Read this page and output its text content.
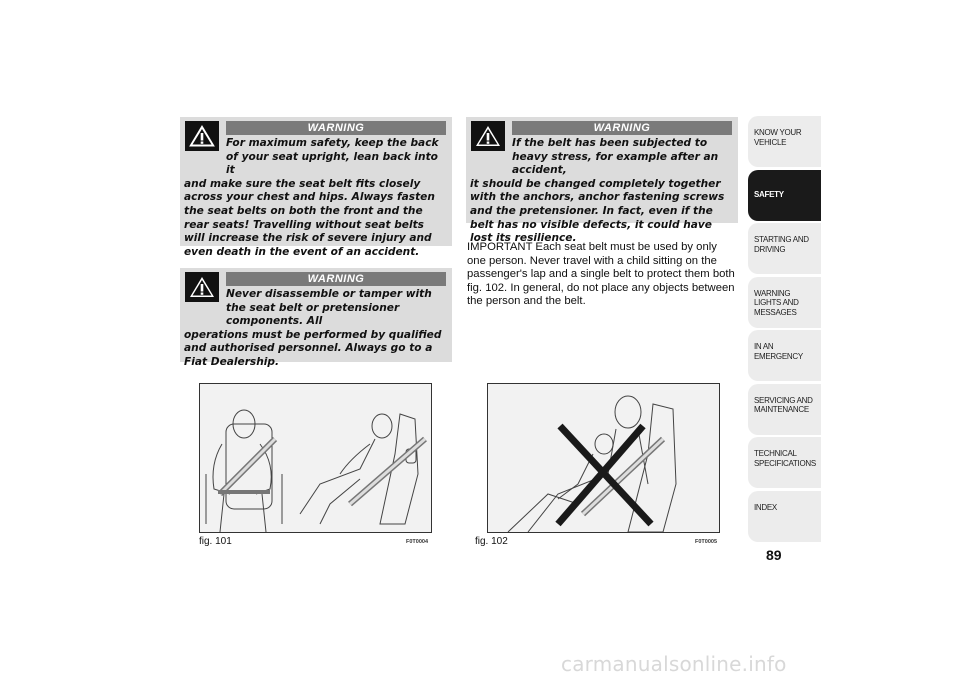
WARNING
For maximum safety, keep the back of your seat upright, lean back into it
and make sure the seat belt fits closely across your chest and hips. Always fasten the seat belts on both the front and the rear seats! Travelling without seat belts will increase the risk of severe injury and even death in the event of an accident.
WARNING
Never disassemble or tamper with the seat belt or pretensioner components. All
operations must be performed by qualified and authorised personnel. Always go to a Fiat Dealership.
WARNING
If the belt has been subjected to heavy stress, for example after an accident,
it should be changed completely together with the anchors, anchor fastening screws and the pretensioner. In fact, even if the belt has no visible defects, it could have lost its resilience.
IMPORTANT Each seat belt must be used by only one person. Never travel with a child sitting on the passenger's lap and a single belt to protect them both fig. 102. In general, do not place any objects between the person and the belt.
fig. 101	F0T0004	fig. 102	F0T0005
KNOW YOUR VEHICLE
SAFETY
STARTING AND DRIVING
WARNING LIGHTS AND MESSAGES
IN AN EMERGENCY
SERVICING AND MAINTENANCE
TECHNICAL SPECIFICATIONS
INDEX
89
carmanualsonline.info
